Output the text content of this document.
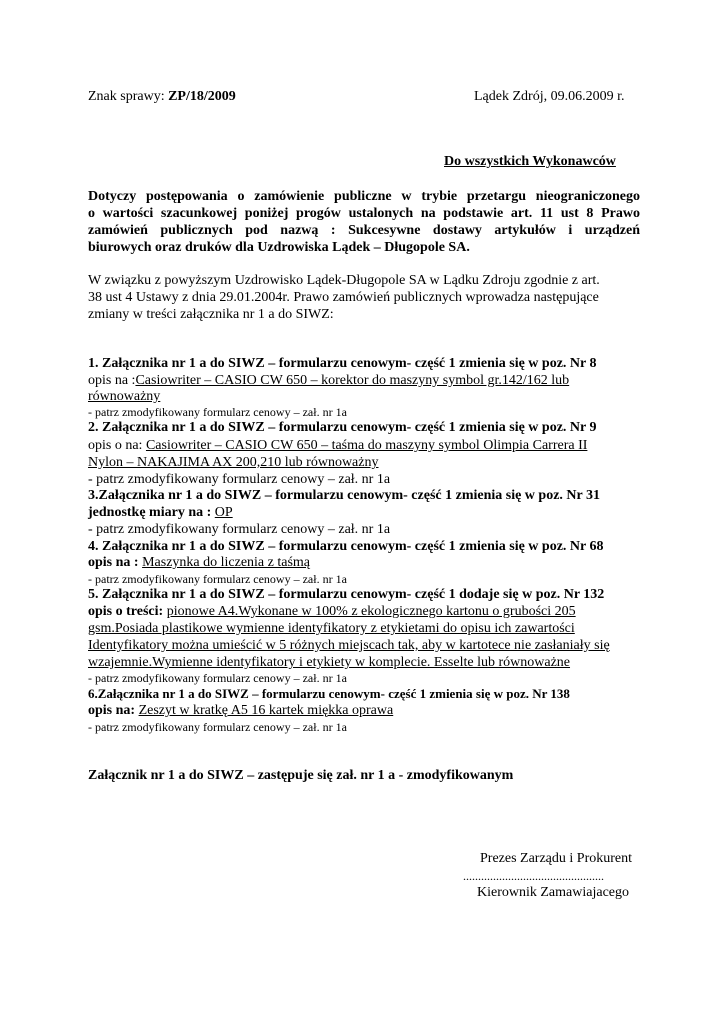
Znak sprawy: ZP/18/2009	Lądek Zdrój, 09.06.2009 r.
Do wszystkich Wykonawców
Dotyczy postępowania o zamówienie publiczne w trybie przetargu nieograniczonego
o wartości szacunkowej poniżej progów ustalonych na podstawie art. 11 ust 8 Prawo
zamówień publicznych pod nazwą : Sukcesywne dostawy artykułów i urządzeń
biurowych oraz druków dla Uzdrowiska Lądek – Długopole SA.
W związku z powyższym Uzdrowisko Lądek-Długopole SA w Lądku Zdroju zgodnie z art.
38 ust 4 Ustawy z dnia 29.01.2004r. Prawo zamówień publicznych wprowadza następujące
zmiany w treści załącznika nr 1 a do SIWZ:
1. Załącznika nr 1 a do SIWZ – formularzu cenowym- część 1 zmienia się w poz. Nr 8
opis na :Casiowriter – CASIO CW 650 – korektor do maszyny symbol gr.142/162 lub
równoważny
- patrz zmodyfikowany formularz cenowy – zał. nr 1a
2. Załącznika nr 1 a do SIWZ – formularzu cenowym- część 1 zmienia się w poz. Nr 9
opis o na: Casiowriter – CASIO CW 650 – taśma do maszyny symbol Olimpia Carrera II
Nylon – NAKAJIMA AX 200,210 lub równoważny
- patrz zmodyfikowany formularz cenowy – zał. nr 1a
3.Załącznika nr 1 a do SIWZ – formularzu cenowym- część 1 zmienia się w poz. Nr 31
jednostkę miary na : OP
- patrz zmodyfikowany formularz cenowy – zał. nr 1a
4. Załącznika nr 1 a do SIWZ – formularzu cenowym- część 1 zmienia się w poz. Nr 68
opis na : Maszynka do liczenia z taśmą
- patrz zmodyfikowany formularz cenowy – zał. nr 1a
5. Załącznika nr 1 a do SIWZ – formularzu cenowym- część 1 dodaje się w poz. Nr 132
opis o treści: pionowe A4.Wykonane w 100% z ekologicznego kartonu o grubości 205
gsm.Posiada plastikowe wymienne identyfikatory z etykietami do opisu ich zawartości
Identyfikatory można umieścić w 5 różnych miejscach tak, aby w kartotece nie zasłaniały się
wzajemnie.Wymienne identyfikatory i etykiety w komplecie. Esselte lub równoważne
- patrz zmodyfikowany formularz cenowy – zał. nr 1a
6.Załącznika nr 1 a do SIWZ – formularzu cenowym- część 1 zmienia się w poz. Nr 138
opis na: Zeszyt w kratkę A5 16 kartek miękka oprawa
- patrz zmodyfikowany formularz cenowy – zał. nr 1a
Załącznik nr 1 a do SIWZ – zastępuje się zał. nr 1 a - zmodyfikowanym
Prezes Zarządu i Prokurent
...............................................
Kierownik Zamawiajacego
